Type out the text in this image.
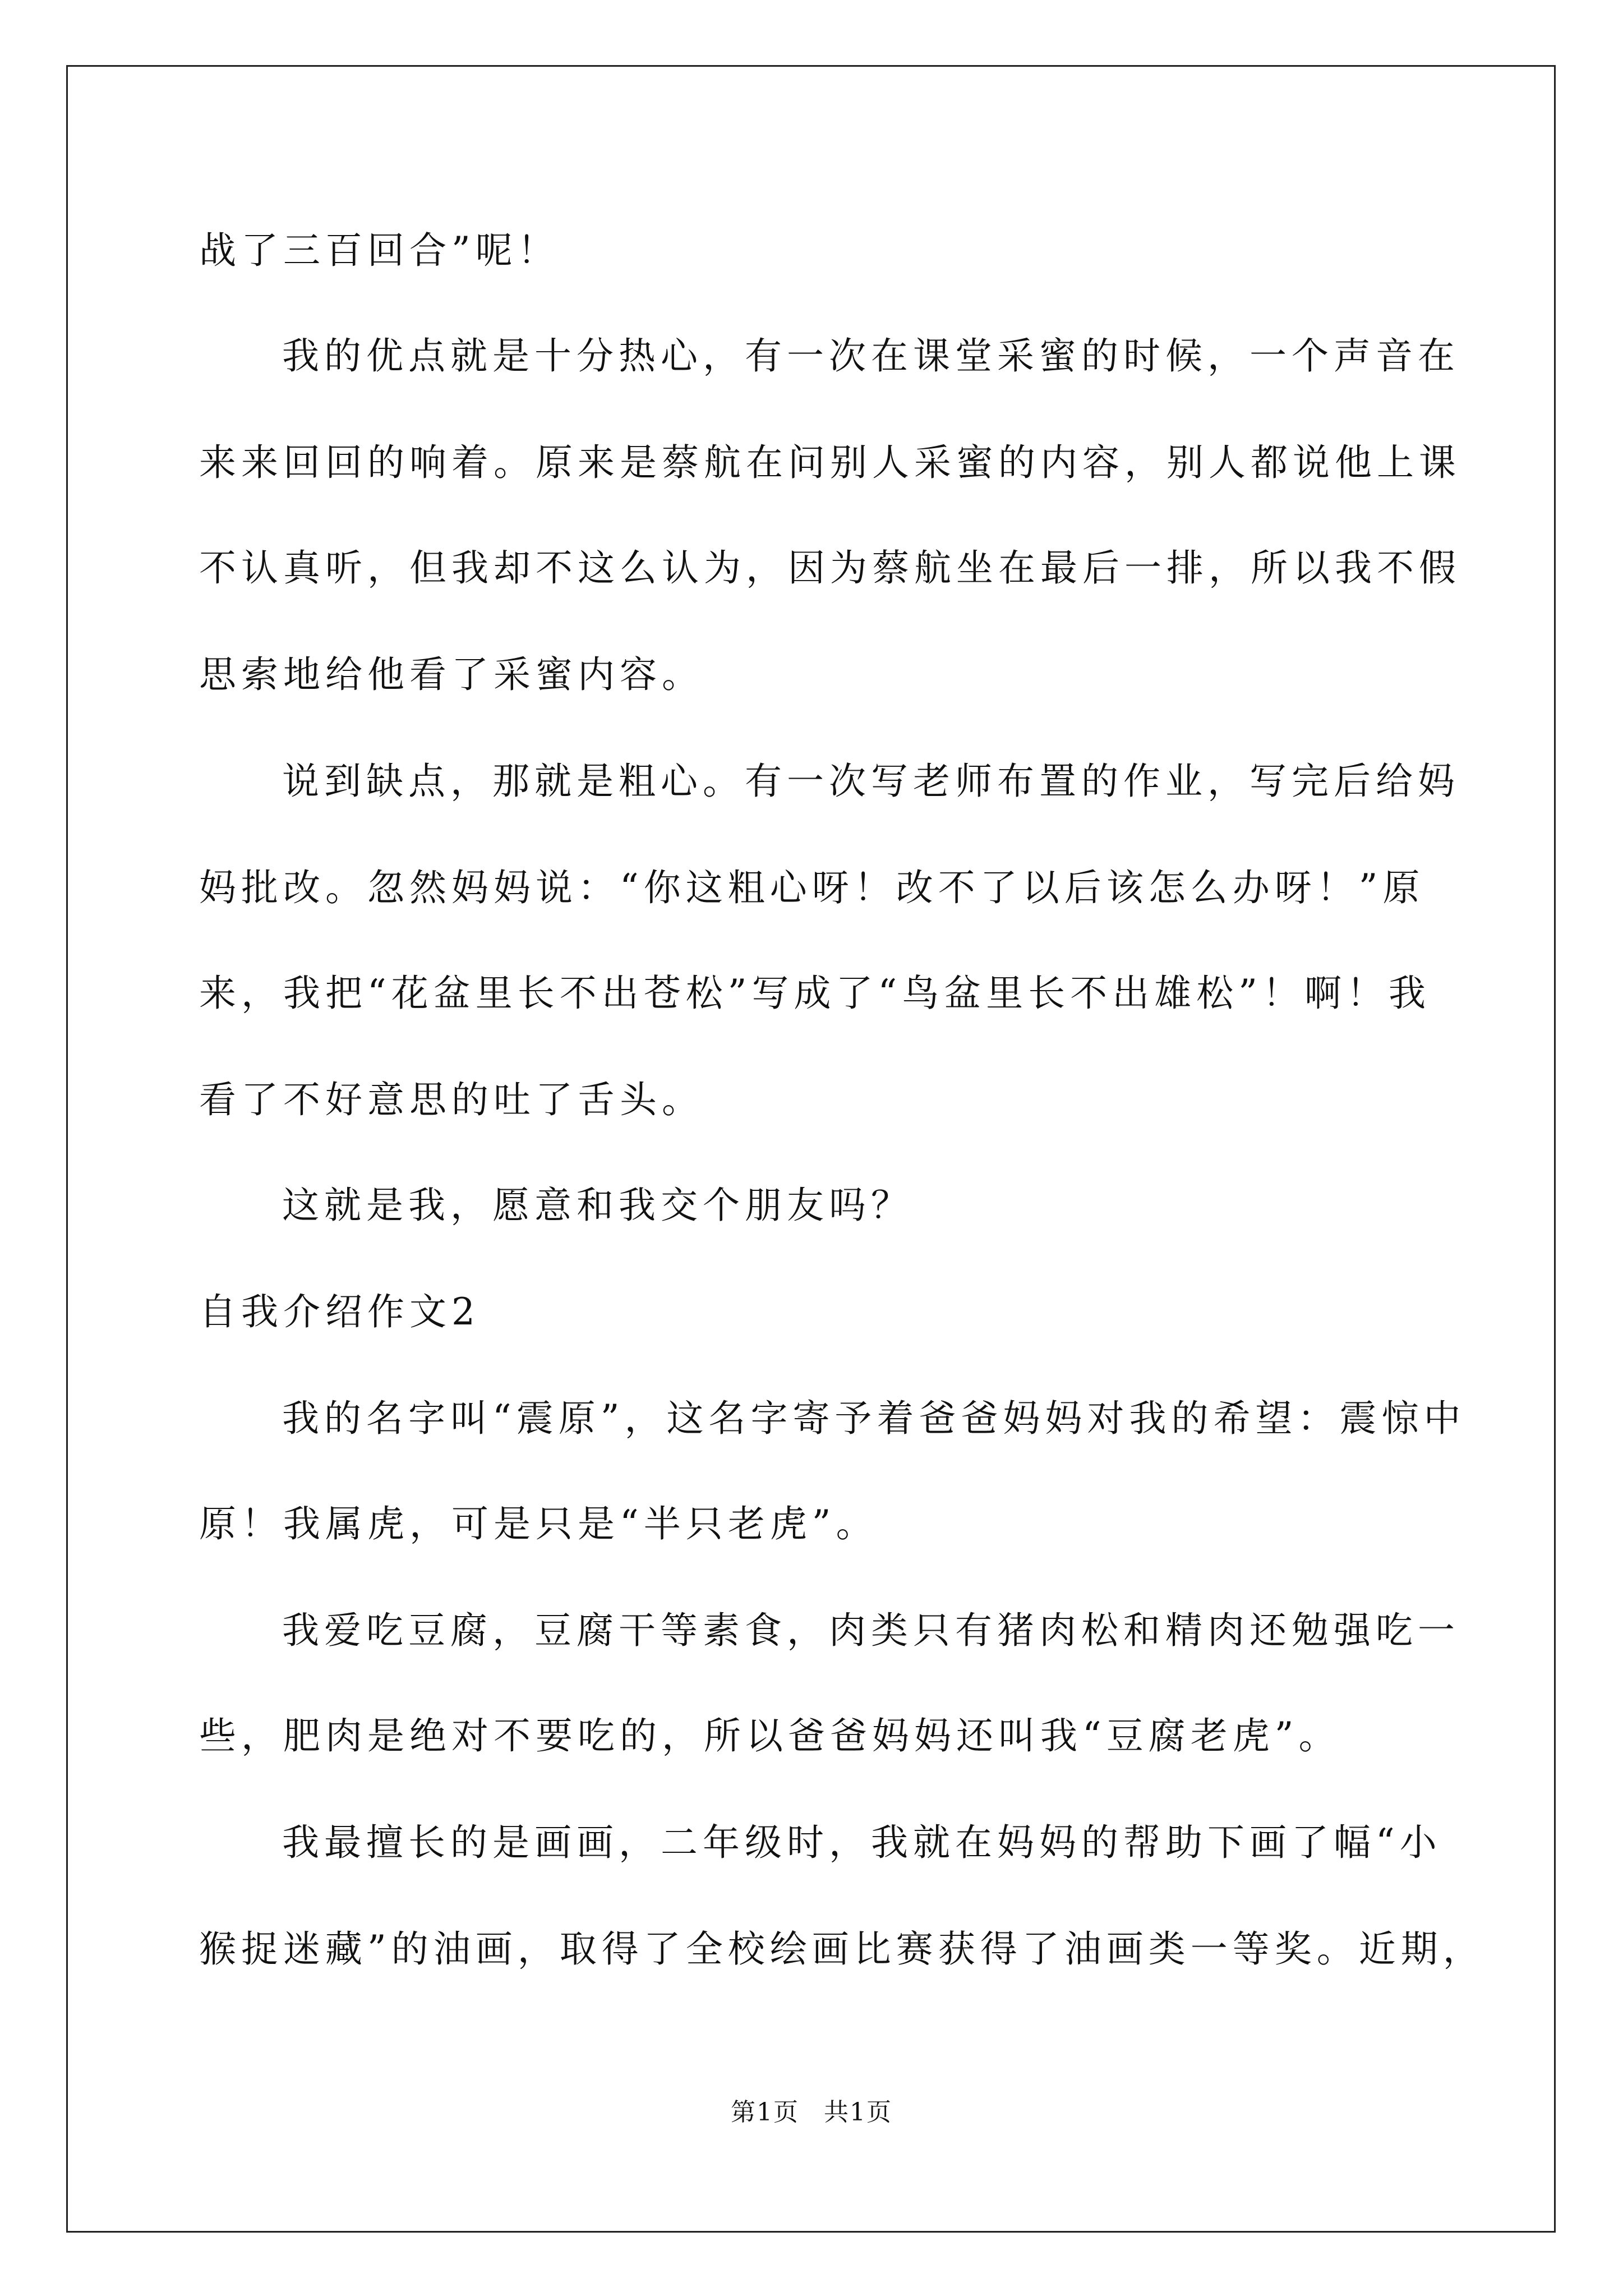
战了三百回合”呢！
我的优点就是十分热心，有一次在课堂采蜜的时候，一个声音在
来来回回的响着。原来是蔡航在问别人采蜜的内容，别人都说他上课
不认真听，但我却不这么认为，因为蔡航坐在最后一排，所以我不假
思索地给他看了采蜜内容。
说到缺点，那就是粗心。有一次写老师布置的作业，写完后给妈
妈批改。忽然妈妈说：“你这粗心呀！改不了以后该怎么办呀！”原
来，我把“花盆里长不出苍松”写成了“鸟盆里长不出雄松”！啊！我
看了不好意思的吐了舌头。
这就是我，愿意和我交个朋友吗？
自我介绍作文2
我的名字叫“震原”，这名字寄予着爸爸妈妈对我的希望：震惊中
原！我属虎，可是只是“半只老虎”。
我爱吃豆腐，豆腐干等素食，肉类只有猪肉松和精肉还勉强吃一
些，肥肉是绝对不要吃的，所以爸爸妈妈还叫我“豆腐老虎”。
我最擅长的是画画，二年级时，我就在妈妈的帮助下画了幅“小
猴捉迷藏”的油画，取得了全校绘画比赛获得了油画类一等奖。近期，
第1页 共1页
